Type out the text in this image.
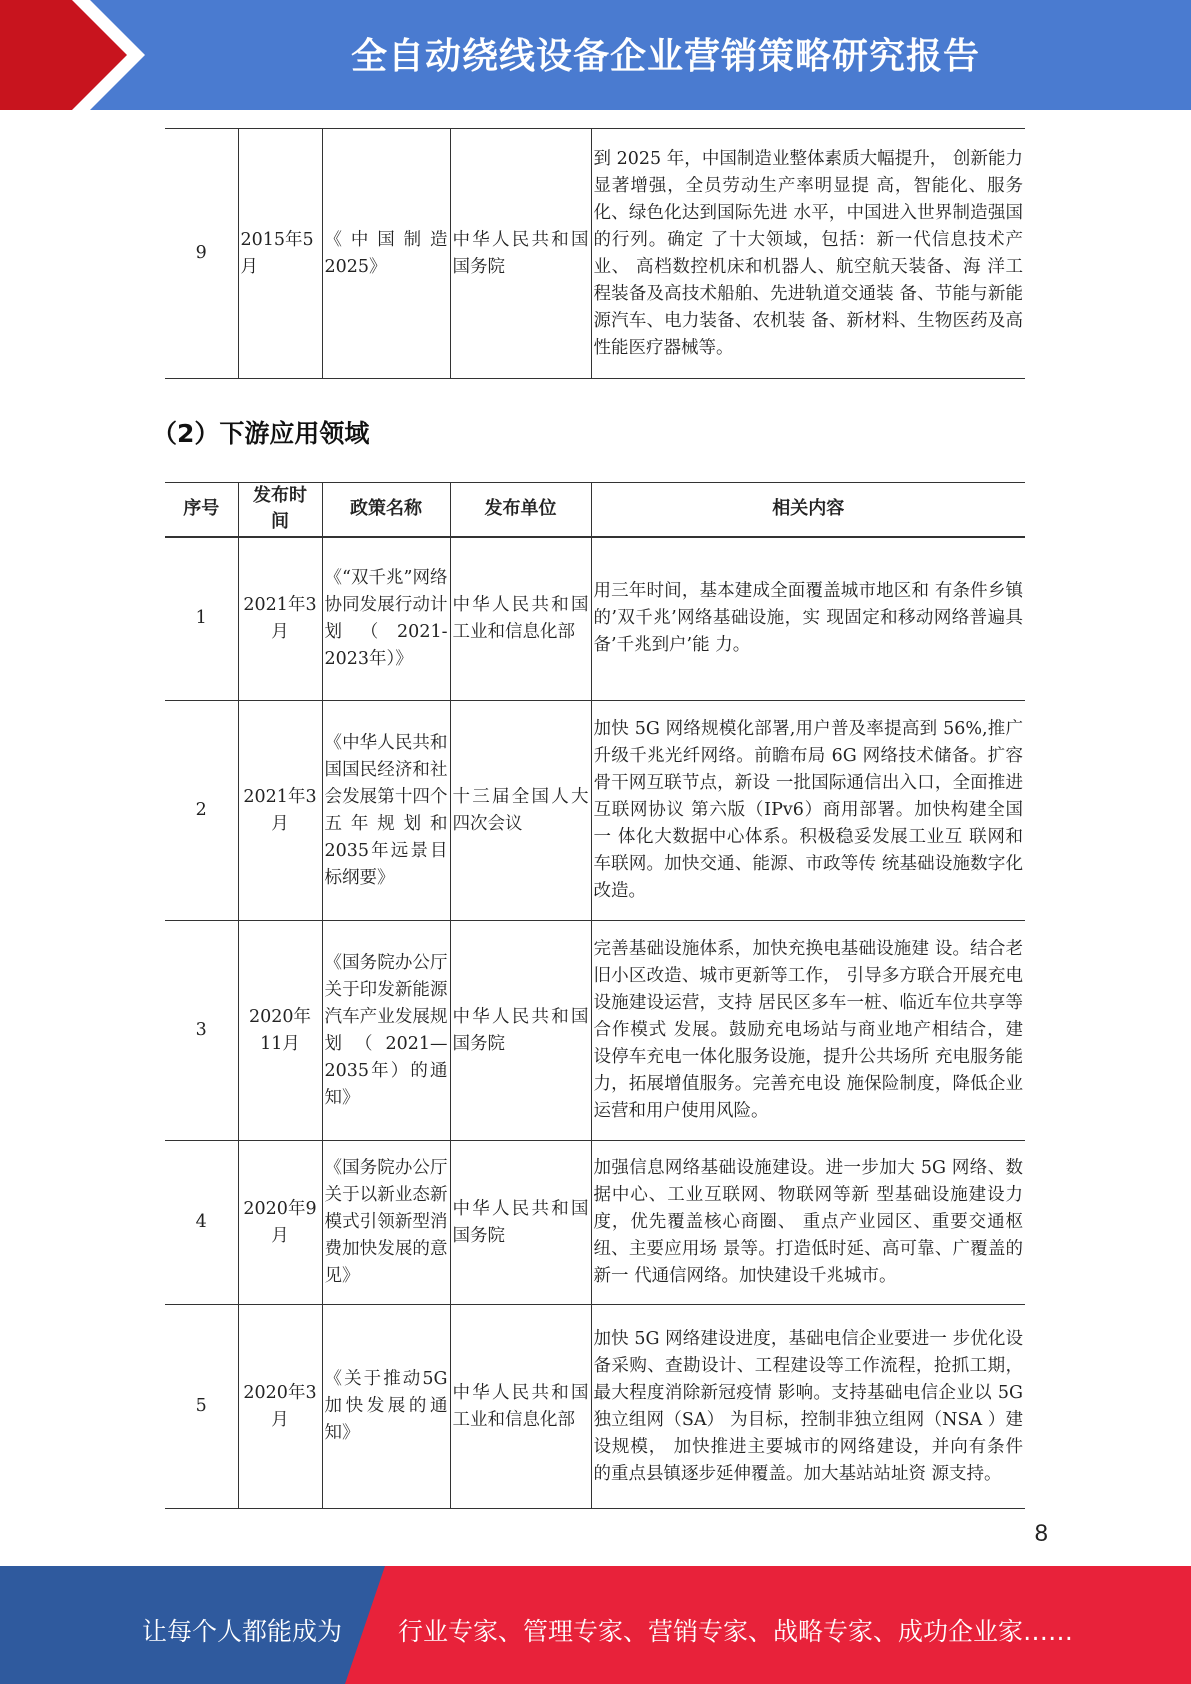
全自动绕线设备企业营销策略研究报告
9	2015年5月	《中国制造2025》	中华人民共和国国务院	到 2025 年，中国制造业整体素质大幅提升， 创新能力显著增强，全员劳动生产率明显提 高，智能化、服务化、绿色化达到国际先进 水平，中国进入世界制造强国的行列。确定 了十大领域，包括：新一代信息技术产业、 高档数控机床和机器人、航空航天装备、海 洋工程装备及高技术船舶、先进轨道交通装 备、节能与新能源汽车、电力装备、农机装 备、新材料、生物医药及高性能医疗器械等。
（2）下游应用领域
序号	发布时间	政策名称	发布单位	相关内容
1	2021年3月	《“双千兆”网络协同发展行动计划（2021-2023年）》	中华人民共和国工业和信息化部	用三年时间，基本建成全面覆盖城市地区和 有条件乡镇的’双千兆’网络基础设施，实 现固定和移动网络普遍具备’千兆到户’能 力。
2	2021年3月	《中华人民共和国国民经济和社会发展第十四个五年规划和2035年远景目标纲要》	十三届全国人大四次会议	加快 5G 网络规模化部署,用户普及率提高到 56%,推广升级千兆光纤网络。前瞻布局 6G 网络技术储备。扩容骨干网互联节点，新设 一批国际通信出入口，全面推进互联网协议 第六版（IPv6）商用部署。加快构建全国一 体化大数据中心体系。积极稳妥发展工业互 联网和车联网。加快交通、能源、市政等传 统基础设施数字化改造。
3	2020年11月	《国务院办公厅关于印发新能源汽车产业发展规划（2021—2035年）的通知》	中华人民共和国国务院	完善基础设施体系，加快充换电基础设施建 设。结合老旧小区改造、城市更新等工作， 引导多方联合开展充电设施建设运营，支持 居民区多车一桩、临近车位共享等合作模式 发展。鼓励充电场站与商业地产相结合，建 设停车充电一体化服务设施，提升公共场所 充电服务能力，拓展增值服务。完善充电设 施保险制度，降低企业运营和用户使用风险。
4	2020年9月	《国务院办公厅关于以新业态新模式引领新型消费加快发展的意见》	中华人民共和国国务院	加强信息网络基础设施建设。进一步加大 5G 网络、数据中心、工业互联网、物联网等新 型基础设施建设力度，优先覆盖核心商圈、 重点产业园区、重要交通枢纽、主要应用场 景等。打造低时延、高可靠、广覆盖的新一 代通信网络。加快建设千兆城市。
5	2020年3月	《关于推动5G加快发展的通知》	中华人民共和国工业和信息化部	加快 5G 网络建设进度，基础电信企业要进一 步优化设备采购、查勘设计、工程建设等工作流程，抢抓工期，最大程度消除新冠疫情 影响。支持基础电信企业以 5G 独立组网（SA） 为目标，控制非独立组网（NSA ）建设规模， 加快推进主要城市的网络建设，并向有条件 的重点县镇逐步延伸覆盖。加大基站站址资 源支持。
8
让每个人都能成为 行业专家、管理专家、营销专家、战略专家、成功企业家……
